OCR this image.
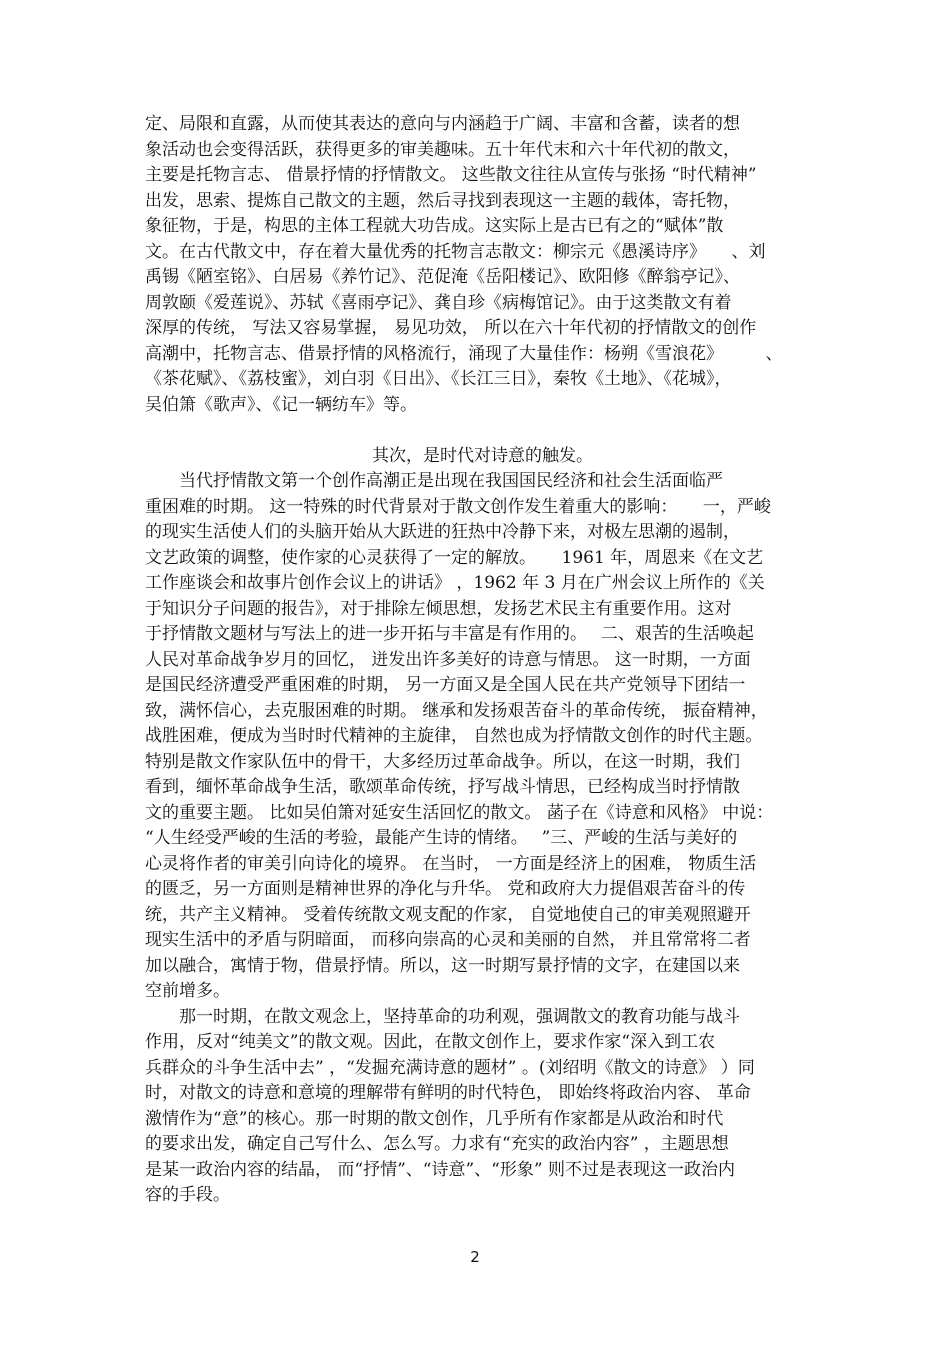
定、局限和直露，从而使其表达的意向与内涵趋于广阔、丰富和含蓄，读者的想
象活动也会变得活跃，获得更多的审美趣味。五十年代末和六十年代初的散文，
主要是托物言志、 借景抒情的抒情散文。 这些散文往往从宣传与张扬 “时代精神”
出发，思索、提炼自己散文的主题，然后寻找到表现这一主题的载体，寄托物，
象征物，于是，构思的主体工程就大功告成。这实际上是古已有之的“赋体”散
文。在古代散文中，存在着大量优秀的托物言志散文：柳宗元《愚溪诗序》　　、刘
禹锡《陋室铭》、白居易《养竹记》、范促淹《岳阳楼记》、欧阳修《醉翁亭记》、
周敦颐《爱莲说》、苏轼《喜雨亭记》、龚自珍《病梅馆记》。由于这类散文有着
深厚的传统， 写法又容易掌握， 易见功效， 所以在六十年代初的抒情散文的创作
高潮中，托物言志、借景抒情的风格流行，涌现了大量佳作：杨朔《雪浪花》　　　、
《茶花赋》、《荔枝蜜》，刘白羽《日出》、《长江三日》，秦牧《土地》、《花城》，
吴伯箫《歌声》、《记一辆纺车》等。
其次，是时代对诗意的触发。
当代抒情散文第一个创作高潮正是出现在我国国民经济和社会生活面临严
重困难的时期。 这一特殊的时代背景对于散文创作发生着重大的影响：　　一，严峻
的现实生活使人们的头脑开始从大跃进的狂热中冷静下来，对极左思潮的遏制，
文艺政策的调整，使作家的心灵获得了一定的解放。　　1961 年，周恩来《在文艺
工作座谈会和故事片创作会议上的讲话》 ，1962 年 3 月在广州会议上所作的《关
于知识分子问题的报告》，对于排除左倾思想，发扬艺术民主有重要作用。这对
于抒情散文题材与写法上的进一步开拓与丰富是有作用的。　 二、艰苦的生活唤起
人民对革命战争岁月的回忆， 迸发出许多美好的诗意与情思。 这一时期，一方面
是国民经济遭受严重困难的时期， 另一方面又是全国人民在共产党领导下团结一
致，满怀信心，去克服困难的时期。 继承和发扬艰苦奋斗的革命传统， 振奋精神，
战胜困难，便成为当时时代精神的主旋律， 自然也成为抒情散文创作的时代主题。
特别是散文作家队伍中的骨干，大多经历过革命战争。所以，在这一时期，我们
看到，缅怀革命战争生活，歌颂革命传统，抒写战斗情思，已经构成当时抒情散
文的重要主题。 比如吴伯箫对延安生活回忆的散文。 菡子在《诗意和风格》 中说：
“人生经受严峻的生活的考验，最能产生诗的情绪。　 ”三、严峻的生活与美好的
心灵将作者的审美引向诗化的境界。 在当时， 一方面是经济上的困难， 物质生活
的匮乏，另一方面则是精神世界的净化与升华。 党和政府大力提倡艰苦奋斗的传
统，共产主义精神。 受着传统散文观支配的作家， 自觉地使自己的审美观照避开
现实生活中的矛盾与阴暗面， 而移向崇高的心灵和美丽的自然， 并且常常将二者
加以融合，寓情于物，借景抒情。所以，这一时期写景抒情的文字，在建国以来
空前增多。
那一时期，在散文观念上，坚持革命的功利观，强调散文的教育功能与战斗
作用，反对“纯美文”的散文观。因此，在散文创作上，要求作家“深入到工农
兵群众的斗争生活中去” ，“发掘充满诗意的题材” 。(刘绍明《散文的诗意》 ）同
时，对散文的诗意和意境的理解带有鲜明的时代特色， 即始终将政治内容、 革命
激情作为“意”的核心。那一时期的散文创作，几乎所有作家都是从政治和时代
的要求出发，确定自己写什么、怎么写。力求有“充实的政治内容” ，主题思想
是某一政治内容的结晶， 而“抒情”、“诗意”、“形象” 则不过是表现这一政治内
容的手段。
2
